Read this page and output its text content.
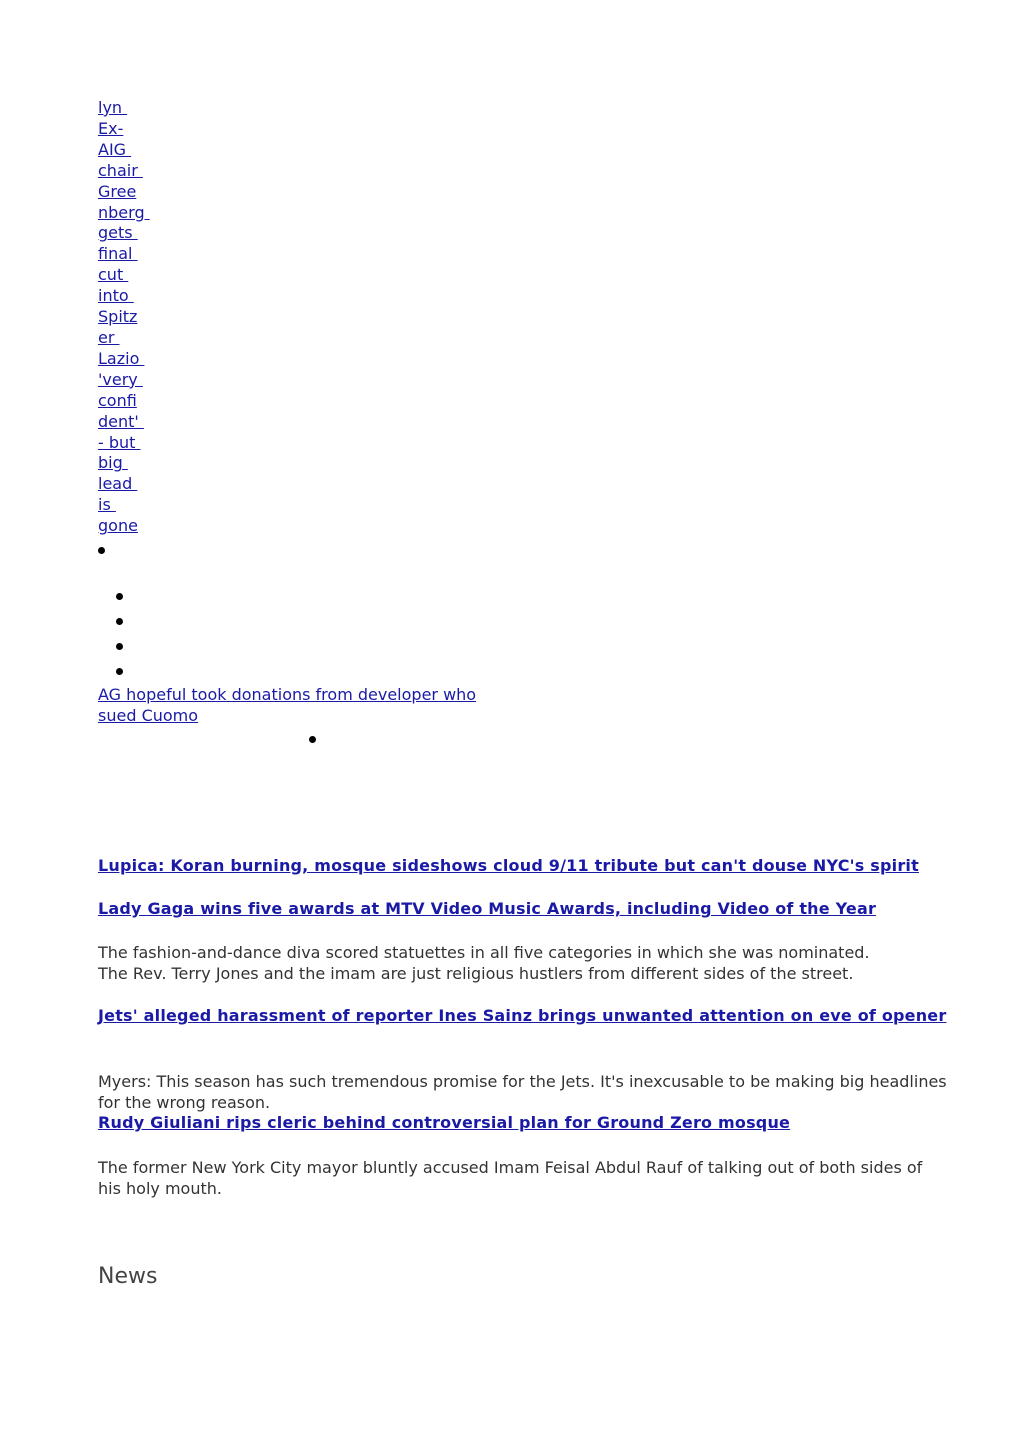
lyn
Ex-
AIG
chair
Gree
nberg
gets
final
cut
into
Spitz
er
Lazio
'very
confi
dent'
- but
big
lead
is
gone
AG hopeful took donations from developer who
sued Cuomo
Lupica: Koran burning, mosque sideshows cloud 9/11 tribute but can't douse NYC's spirit
Lady Gaga wins five awards at MTV Video Music Awards, including Video of the Year
The fashion-and-dance diva scored statuettes in all five categories in which she was nominated.
The Rev. Terry Jones and the imam are just religious hustlers from different sides of the street.
Jets' alleged harassment of reporter Ines Sainz brings unwanted attention on eve of opener
Myers: This season has such tremendous promise for the Jets. It's inexcusable to be making big headlines for the wrong reason.
Rudy Giuliani rips cleric behind controversial plan for Ground Zero mosque
The former New York City mayor bluntly accused Imam Feisal Abdul Rauf of talking out of both sides of his holy mouth.
News
